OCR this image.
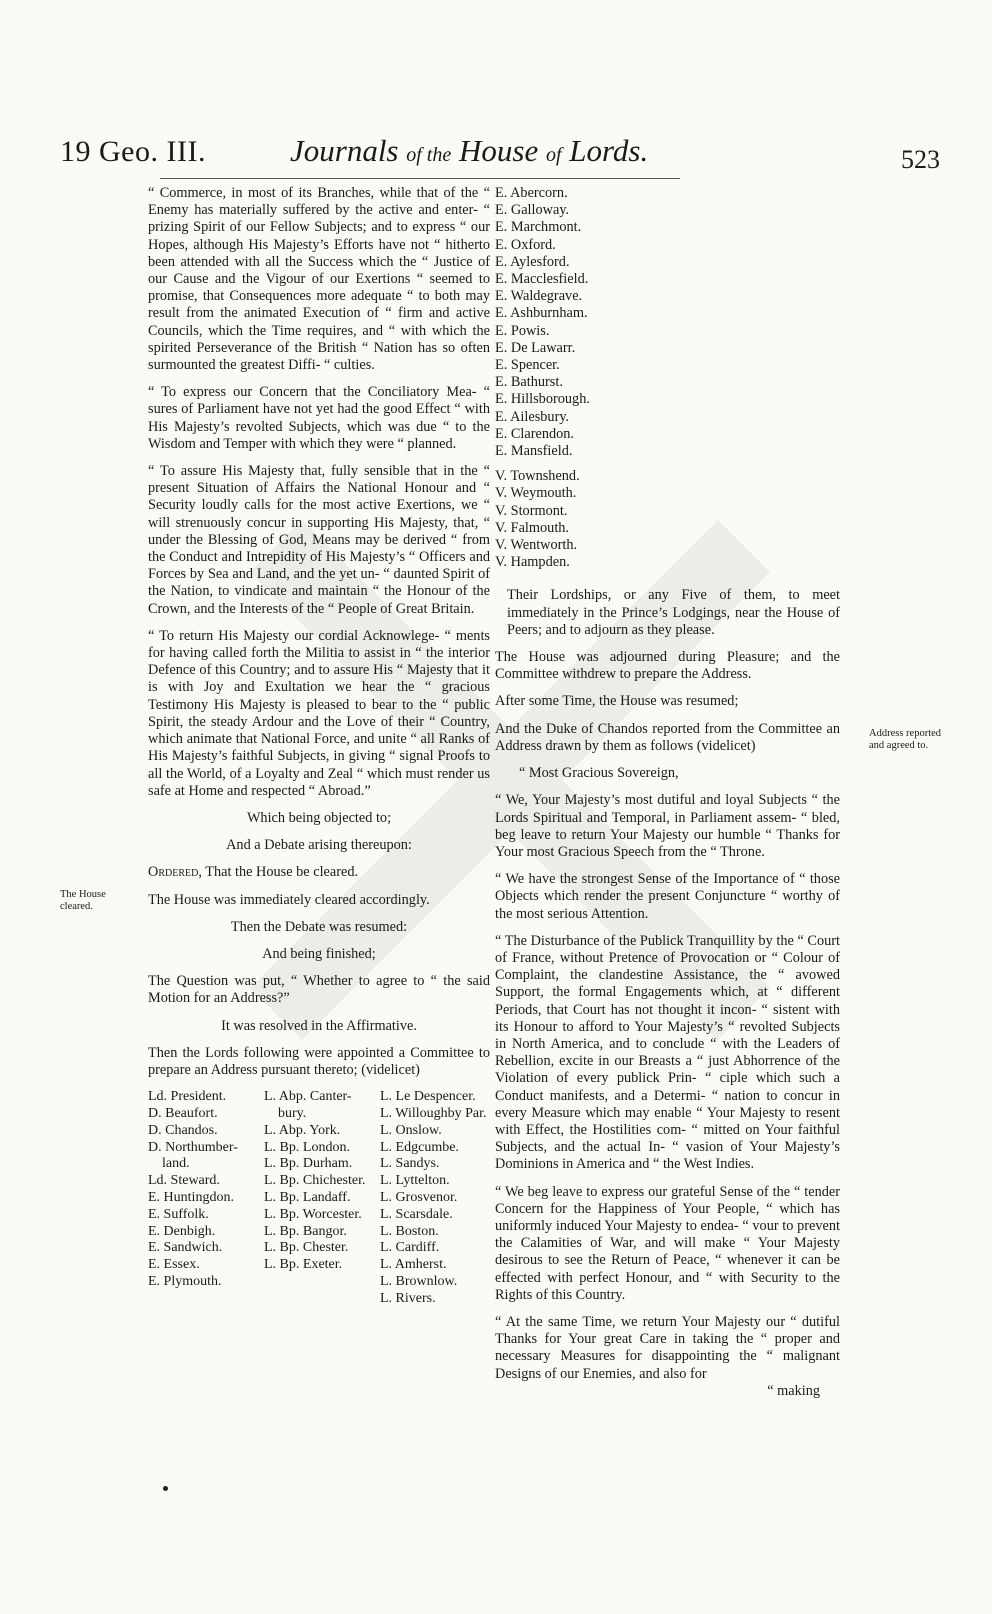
19 Geo. III.	Journals of the House of Lords.	523
The House cleared.
Address reported and agreed to.

“ Commerce, in most of its Branches, while that of the “ Enemy has materially suffered by the active and enter- “ prizing Spirit of our Fellow Subjects; and to express “ our Hopes, although His Majesty’s Efforts have not “ hitherto been attended with all the Success which the “ Justice of our Cause and the Vigour of our Exertions “ seemed to promise, that Consequences more adequate “ to both may result from the animated Execution of “ firm and active Councils, which the Time requires, and “ with which the spirited Perseverance of the British “ Nation has so often surmounted the greatest Diffi- “ culties.

“ To express our Concern that the Conciliatory Mea- “ sures of Parliament have not yet had the good Effect “ with His Majesty’s revolted Subjects, which was due “ to the Wisdom and Temper with which they were “ planned.

“ To assure His Majesty that, fully sensible that in the “ present Situation of Affairs the National Honour and “ Security loudly calls for the most active Exertions, we “ will strenuously concur in supporting His Majesty, that, “ under the Blessing of God, Means may be derived “ from the Conduct and Intrepidity of His Majesty’s “ Officers and Forces by Sea and Land, and the yet un- “ daunted Spirit of the Nation, to vindicate and maintain “ the Honour of the Crown, and the Interests of the “ People of Great Britain.

“ To return His Majesty our cordial Acknowlege- “ ments for having called forth the Militia to assist in “ the interior Defence of this Country; and to assure His “ Majesty that it is with Joy and Exultation we hear the “ gracious Testimony His Majesty is pleased to bear to the “ public Spirit, the steady Ardour and the Love of their “ Country, which animate that National Force, and unite “ all Ranks of His Majesty’s faithful Subjects, in giving “ signal Proofs to all the World, of a Loyalty and Zeal “ which must render us safe at Home and respected “ Abroad.”

Which being objected to;

And a Debate arising thereupon:

Ordered, That the House be cleared.

The House was immediately cleared accordingly.

Then the Debate was resumed:

And being finished;

The Question was put, “ Whether to agree to “ the said Motion for an Address?”

It was resolved in the Affirmative.

Then the Lords following were appointed a Committee to prepare an Address pursuant thereto; (videlicet)

Ld. President.
D. Beaufort.
D. Chandos.
D. Northumber-
land.
Ld. Steward.
E. Huntingdon.
E. Suffolk.
E. Denbigh.
E. Sandwich.
E. Essex.
E. Plymouth.
L. Abp. Canter-
bury.
L. Abp. York.
L. Bp. London.
L. Bp. Durham.
L. Bp. Chichester.
L. Bp. Landaff.
L. Bp. Worcester.
L. Bp. Bangor.
L. Bp. Chester.
L. Bp. Exeter.
L. Le Despencer.
L. Willoughby Par.
L. Onslow.
L. Edgcumbe.
L. Sandys.
L. Lyttelton.
L. Grosvenor.
L. Scarsdale.
L. Boston.
L. Cardiff.
L. Amherst.
L. Brownlow.
L. Rivers.
E. Abercorn.
E. Galloway.
E. Marchmont.
E. Oxford.
E. Aylesford.
E. Macclesfield.
E. Waldegrave.
E. Ashburnham.
E. Powis.
E. De Lawarr.
E. Spencer.
E. Bathurst.
E. Hillsborough.
E. Ailesbury.
E. Clarendon.
E. Mansfield.
V. Townshend.
V. Weymouth.
V. Stormont.
V. Falmouth.
V. Wentworth.
V. Hampden.

Their Lordships, or any Five of them, to meet immediately in the Prince’s Lodgings, near the House of Peers; and to adjourn as they please.

The House was adjourned during Pleasure; and the Committee withdrew to prepare the Address.

After some Time, the House was resumed;

And the Duke of Chandos reported from the Committee an Address drawn by them as follows (videlicet)

“ Most Gracious Sovereign,

“ We, Your Majesty’s most dutiful and loyal Subjects “ the Lords Spiritual and Temporal, in Parliament assem- “ bled, beg leave to return Your Majesty our humble “ Thanks for Your most Gracious Speech from the “ Throne.

“ We have the strongest Sense of the Importance of “ those Objects which render the present Conjuncture “ worthy of the most serious Attention.

“ The Disturbance of the Publick Tranquillity by the “ Court of France, without Pretence of Provocation or “ Colour of Complaint, the clandestine Assistance, the “ avowed Support, the formal Engagements which, at “ different Periods, that Court has not thought it incon- “ sistent with its Honour to afford to Your Majesty’s “ revolted Subjects in North America, and to conclude “ with the Leaders of Rebellion, excite in our Breasts a “ just Abhorrence of the Violation of every publick Prin- “ ciple which such a Conduct manifests, and a Determi- “ nation to concur in every Measure which may enable “ Your Majesty to resent with Effect, the Hostilities com- “ mitted on Your faithful Subjects, and the actual In- “ vasion of Your Majesty’s Dominions in America and “ the West Indies.

“ We beg leave to express our grateful Sense of the “ tender Concern for the Happiness of Your People, “ which has uniformly induced Your Majesty to endea- “ vour to prevent the Calamities of War, and will make “ Your Majesty desirous to see the Return of Peace, “ whenever it can be effected with perfect Honour, and “ with Security to the Rights of this Country.

“ At the same Time, we return Your Majesty our “ dutiful Thanks for Your great Care in taking the “ proper and necessary Measures for disappointing the “ malignant Designs of our Enemies, and also for

“ making
